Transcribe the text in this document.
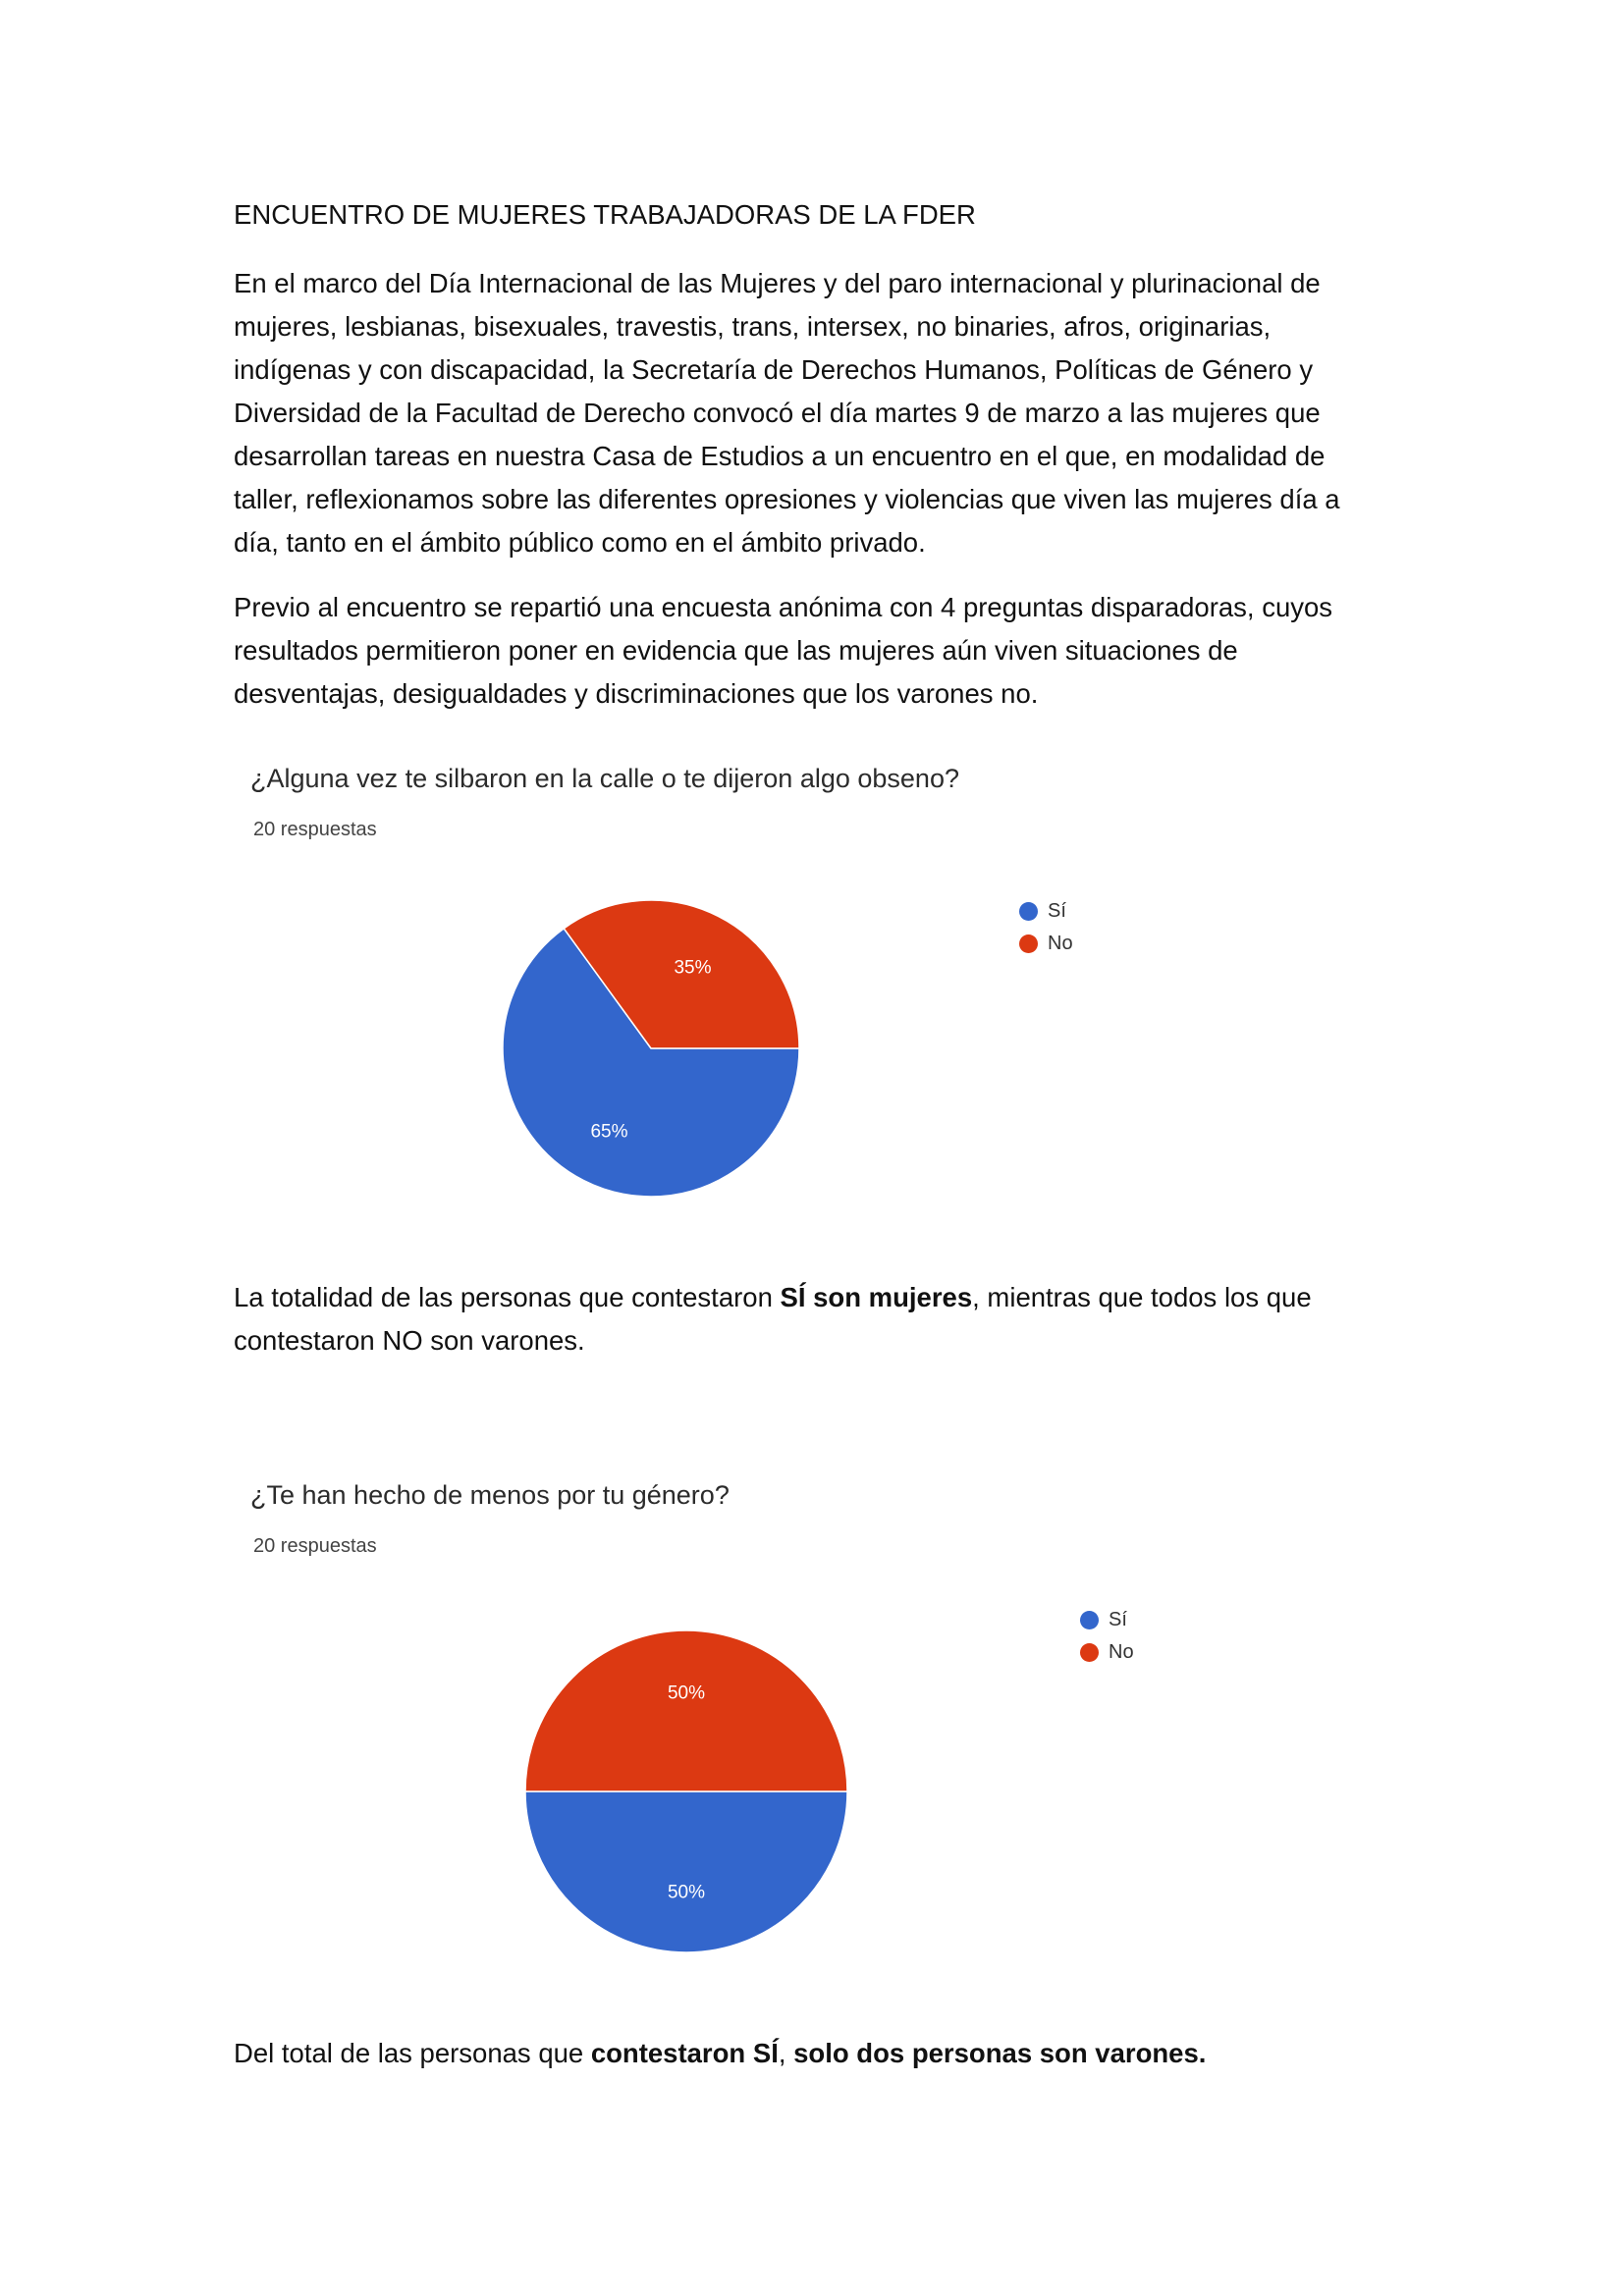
ENCUENTRO DE MUJERES TRABAJADORAS DE LA FDER
En el marco del Día Internacional de las Mujeres y del paro internacional y plurinacional de mujeres, lesbianas, bisexuales, travestis, trans, intersex, no binaries, afros, originarias, indígenas y con discapacidad, la Secretaría de Derechos Humanos, Políticas de Género y Diversidad de la Facultad de Derecho convocó el día martes 9 de marzo a las mujeres que desarrollan tareas en nuestra Casa de Estudios a un encuentro en el que, en modalidad de taller, reflexionamos sobre las diferentes opresiones y violencias que viven las mujeres día a día, tanto en el ámbito público como en el ámbito privado.
Previo al encuentro se repartió una encuesta anónima con 4 preguntas disparadoras, cuyos resultados permitieron poner en evidencia que las mujeres aún viven situaciones de desventajas, desigualdades y discriminaciones que los varones no.
¿Alguna vez te silbaron en la calle o te dijeron algo obseno?
20 respuestas
65%
35%
Sí
No
La totalidad de las personas que contestaron SÍ son mujeres, mientras que todos los que contestaron NO son varones.
¿Te han hecho de menos por tu género?
20 respuestas
50%
50%
Sí
No
Del total de las personas que contestaron SÍ, solo dos personas son varones.
